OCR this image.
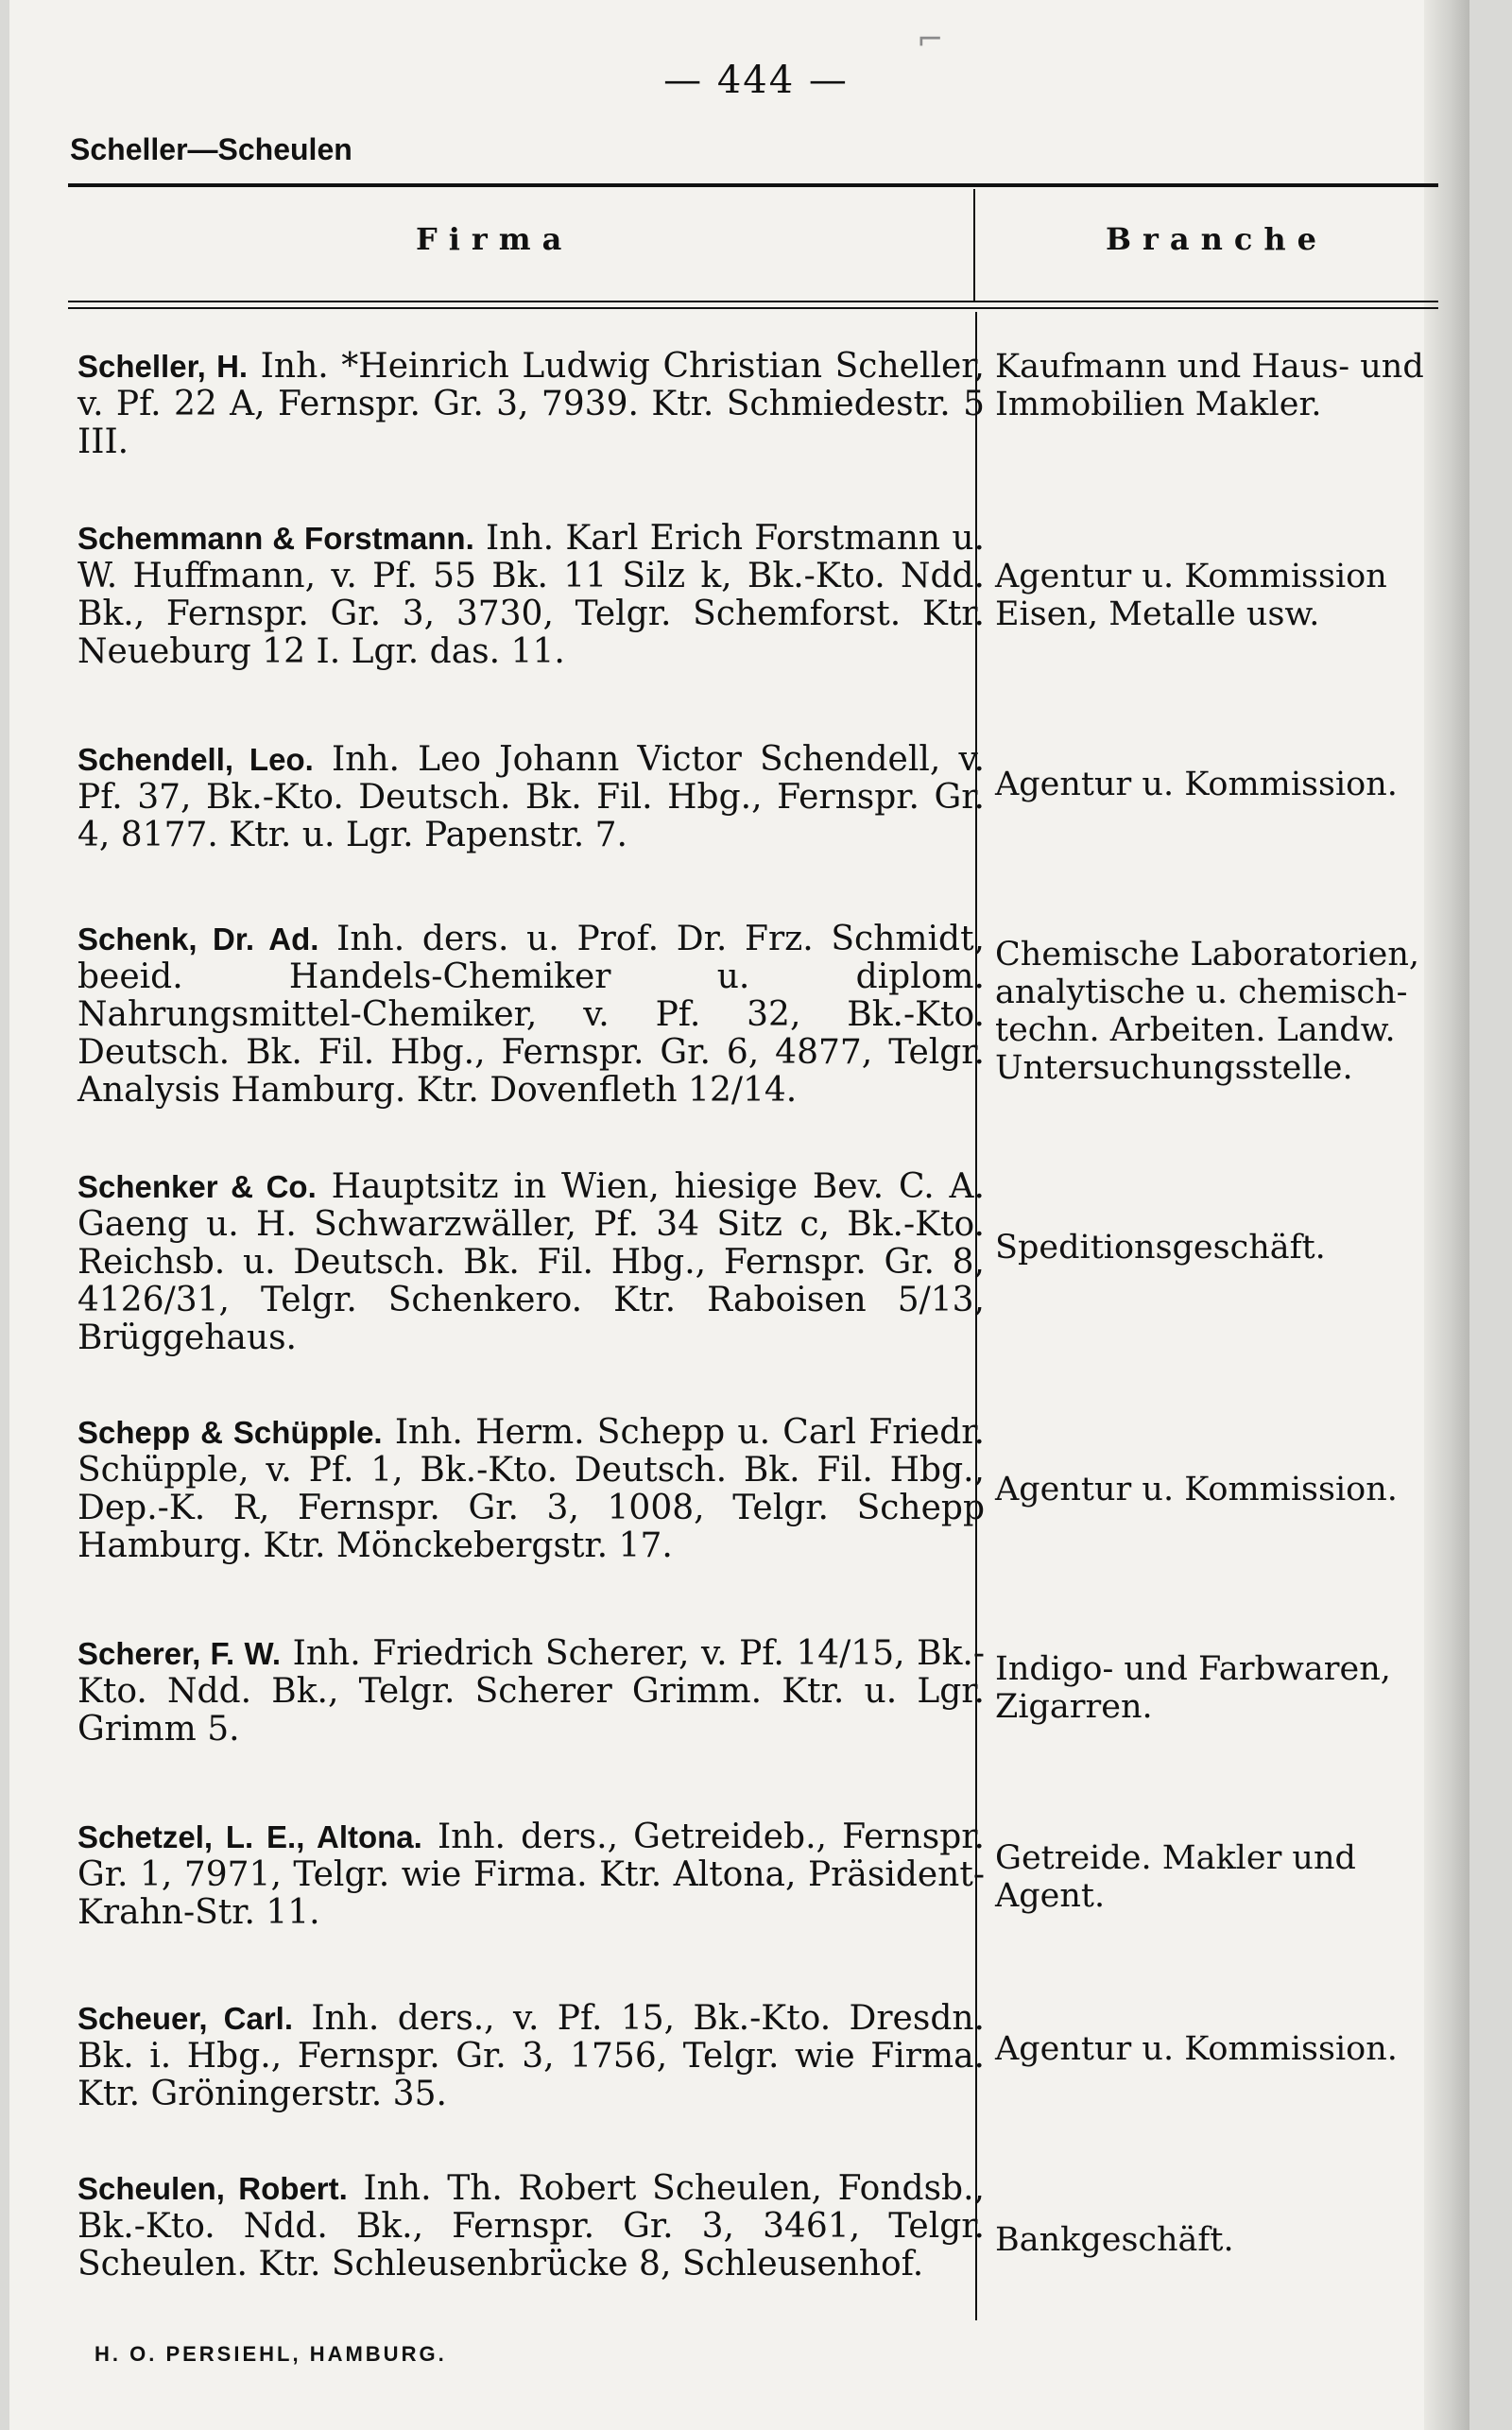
⌐
— 444 —
Scheller—Scheulen
Firma	Branche
Scheller, H. Inh. *Heinrich Ludwig Christian Scheller, v. Pf. 22 A, Fernspr. Gr. 3, 7939. Ktr. Schmiedestr. 5 III.
Kaufmann und Haus- und Immobilien Makler.
Schemmann & Forstmann. Inh. Karl Erich Forstmann u. W. Huffmann, v. Pf. 55 Bk. 11 Silz k, Bk.-Kto. Ndd. Bk., Fernspr. Gr. 3, 3730, Telgr. Schemforst. Ktr. Neueburg 12 I. Lgr. das. 11.
Agentur u. Kommission Eisen, Metalle usw.
Schendell, Leo. Inh. Leo Johann Victor Schendell, v. Pf. 37, Bk.-Kto. Deutsch. Bk. Fil. Hbg., Fernspr. Gr. 4, 8177. Ktr. u. Lgr. Papenstr. 7.
Agentur u. Kommission.
Schenk, Dr. Ad. Inh. ders. u. Prof. Dr. Frz. Schmidt, beeid. Handels-Chemiker u. diplom. Nahrungsmittel-Chemiker, v. Pf. 32, Bk.-Kto. Deutsch. Bk. Fil. Hbg., Fernspr. Gr. 6, 4877, Telgr. Analysis Hamburg. Ktr. Dovenfleth 12/14.
Chemische Laboratorien, analytische u. chemisch-techn. Arbeiten. Landw. Untersuchungsstelle.
Schenker & Co. Hauptsitz in Wien, hiesige Bev. C. A. Gaeng u. H. Schwarzwäller, Pf. 34 Sitz c, Bk.-Kto. Reichsb. u. Deutsch. Bk. Fil. Hbg., Fernspr. Gr. 8, 4126/31, Telgr. Schenkero. Ktr. Raboisen 5/13, Brüggehaus.
Speditionsgeschäft.
Schepp & Schüpple. Inh. Herm. Schepp u. Carl Friedr. Schüpple, v. Pf. 1, Bk.-Kto. Deutsch. Bk. Fil. Hbg., Dep.-K. R, Fernspr. Gr. 3, 1008, Telgr. Schepp Hamburg. Ktr. Mönckebergstr. 17.
Agentur u. Kommission.
Scherer, F. W. Inh. Friedrich Scherer, v. Pf. 14/15, Bk.-Kto. Ndd. Bk., Telgr. Scherer Grimm. Ktr. u. Lgr. Grimm 5.
Indigo- und Farbwaren, Zigarren.
Schetzel, L. E., Altona. Inh. ders., Getreideb., Fernspr. Gr. 1, 7971, Telgr. wie Firma. Ktr. Altona, Präsident-Krahn-Str. 11.
Getreide. Makler und Agent.
Scheuer, Carl. Inh. ders., v. Pf. 15, Bk.-Kto. Dresdn. Bk. i. Hbg., Fernspr. Gr. 3, 1756, Telgr. wie Firma. Ktr. Gröningerstr. 35.
Agentur u. Kommission.
Scheulen, Robert. Inh. Th. Robert Scheulen, Fondsb., Bk.-Kto. Ndd. Bk., Fernspr. Gr. 3, 3461, Telgr. Scheulen. Ktr. Schleusenbrücke 8, Schleusenhof.
Bankgeschäft.
H. O. PERSIEHL, HAMBURG.
